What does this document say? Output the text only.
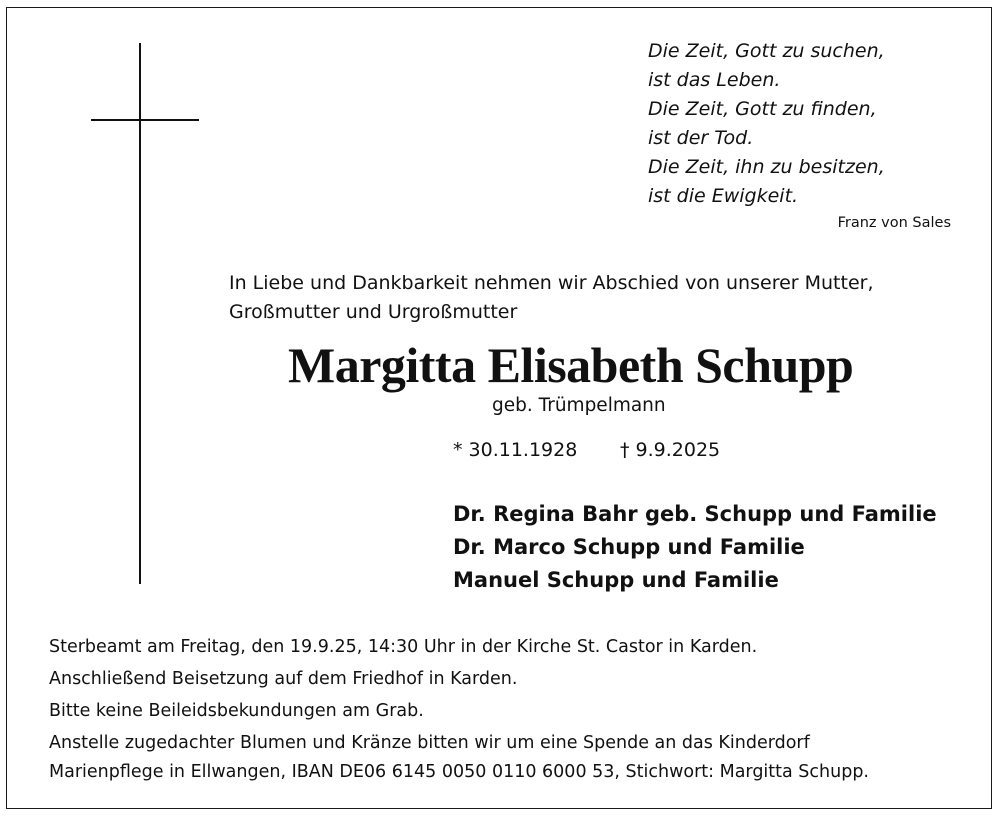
Die Zeit, Gott zu suchen,
ist das Leben.
Die Zeit, Gott zu finden,
ist der Tod.
Die Zeit, ihn zu besitzen,
ist die Ewigkeit.
Franz von Sales
In Liebe und Dankbarkeit nehmen wir Abschied von unserer Mutter,
Großmutter und Urgroßmutter
Margitta Elisabeth Schupp
geb. Trümpelmann
* 30.11.1928 † 9.9.2025
Dr. Regina Bahr geb. Schupp und Familie
Dr. Marco Schupp und Familie
Manuel Schupp und Familie
Sterbeamt am Freitag, den 19.9.25, 14:30 Uhr in der Kirche St. Castor in Karden.
Anschließend Beisetzung auf dem Friedhof in Karden.
Bitte keine Beileidsbekundungen am Grab.
Anstelle zugedachter Blumen und Kränze bitten wir um eine Spende an das Kinderdorf
Marienpflege in Ellwangen, IBAN DE06 6145 0050 0110 6000 53, Stichwort: Margitta Schupp.
